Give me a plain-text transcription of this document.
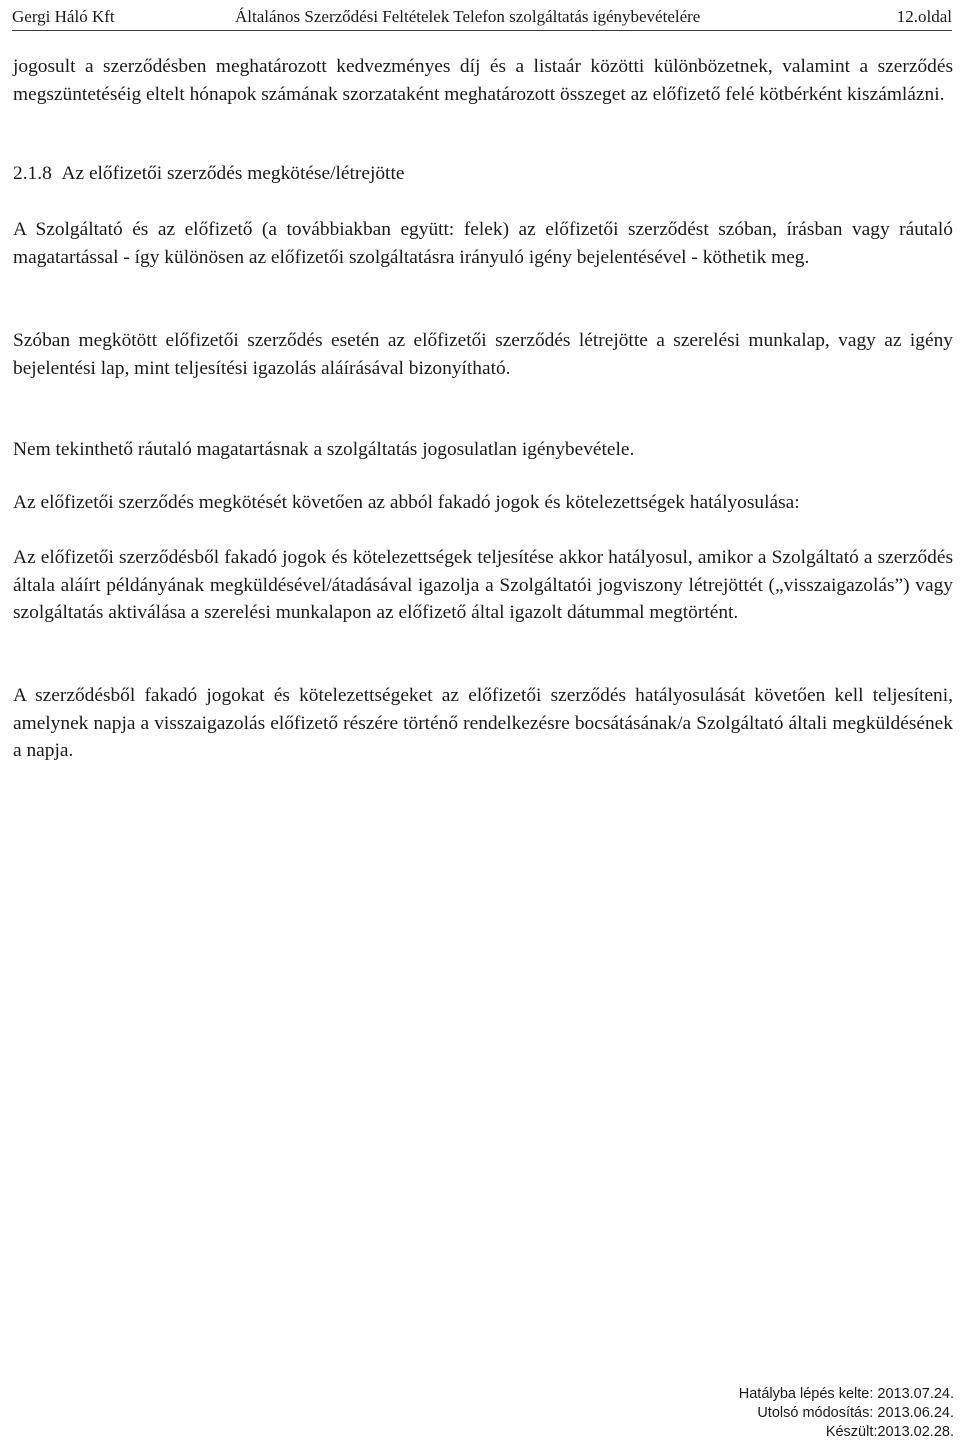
Gergi Háló Kft	Általános Szerződési Feltételek Telefon szolgáltatás igénybevételére	12.oldal

jogosult a szerződésben meghatározott kedvezményes díj és a listaár közötti különbözetnek, valamint a szerződés megszüntetéséig eltelt hónapok számának szorzataként meghatározott összeget az előfizető felé kötbérként kiszámlázni.

2.1.8 Az előfizetői szerződés megkötése/létrejötte

A Szolgáltató és az előfizető (a továbbiakban együtt: felek) az előfizetői szerződést szóban, írásban vagy ráutaló magatartással - így különösen az előfizetői szolgáltatásra irányuló igény bejelentésével - köthetik meg.

Szóban megkötött előfizetői szerződés esetén az előfizetői szerződés létrejötte a szerelési munkalap, vagy az igény bejelentési lap, mint teljesítési igazolás aláírásával bizonyítható.

Nem tekinthető ráutaló magatartásnak a szolgáltatás jogosulatlan igénybevétele.

Az előfizetői szerződés megkötését követően az abból fakadó jogok és kötelezettségek hatályosulása:

Az előfizetői szerződésből fakadó jogok és kötelezettségek teljesítése akkor hatályosul, amikor a Szolgáltató a szerződés általa aláírt példányának megküldésével/átadásával igazolja a Szolgáltatói jogviszony létrejöttét („visszaigazolás”) vagy szolgáltatás aktiválása a szerelési munkalapon az előfizető által igazolt dátummal megtörtént.

A szerződésből fakadó jogokat és kötelezettségeket az előfizetői szerződés hatályosulását követően kell teljesíteni, amelynek napja a visszaigazolás előfizető részére történő rendelkezésre bocsátásának/a Szolgáltató általi megküldésének a napja.

Hatályba lépés kelte: 2013.07.24.
Utolsó módosítás: 2013.06.24.
Készült:2013.02.28.
